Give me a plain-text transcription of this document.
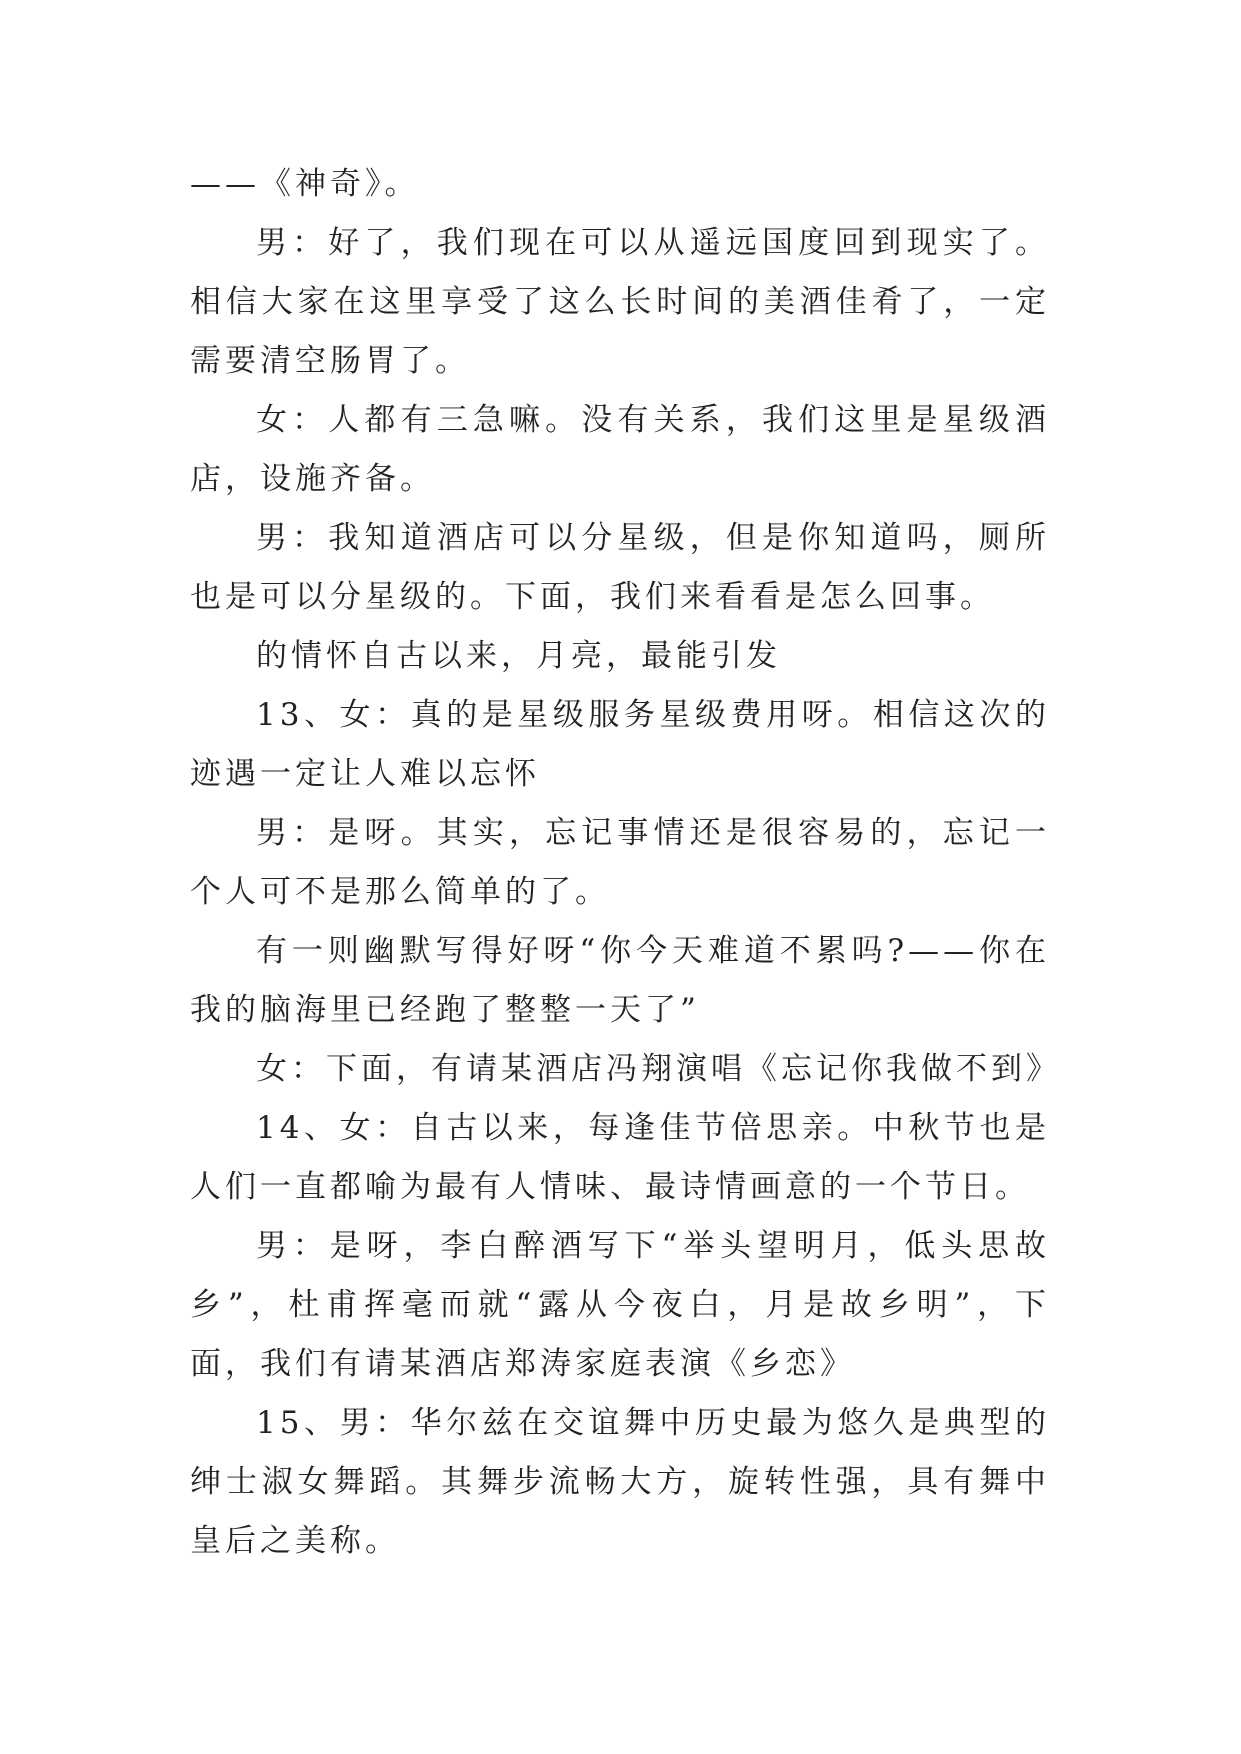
——《神奇》。

男：好了，我们现在可以从遥远国度回到现实了。相信大家在这里享受了这么长时间的美酒佳肴了，一定需要清空肠胃了。

女：人都有三急嘛。没有关系，我们这里是星级酒店，设施齐备。

男：我知道酒店可以分星级，但是你知道吗，厕所也是可以分星级的。下面，我们来看看是怎么回事。

的情怀自古以来，月亮，最能引发

13、女：真的是星级服务星级费用呀。相信这次的迹遇一定让人难以忘怀

男：是呀。其实，忘记事情还是很容易的，忘记一个人可不是那么简单的了。

有一则幽默写得好呀“你今天难道不累吗?——你在我的脑海里已经跑了整整一天了”

女：下面，有请某酒店冯翔演唱《忘记你我做不到》

14、女：自古以来，每逢佳节倍思亲。中秋节也是人们一直都喻为最有人情味、最诗情画意的一个节日。

男：是呀，李白醉酒写下“举头望明月，低头思故乡”，杜甫挥毫而就“露从今夜白，月是故乡明”，下面，我们有请某酒店郑涛家庭表演《乡恋》

15、男：华尔兹在交谊舞中历史最为悠久是典型的绅士淑女舞蹈。其舞步流畅大方，旋转性强，具有舞中皇后之美称。
